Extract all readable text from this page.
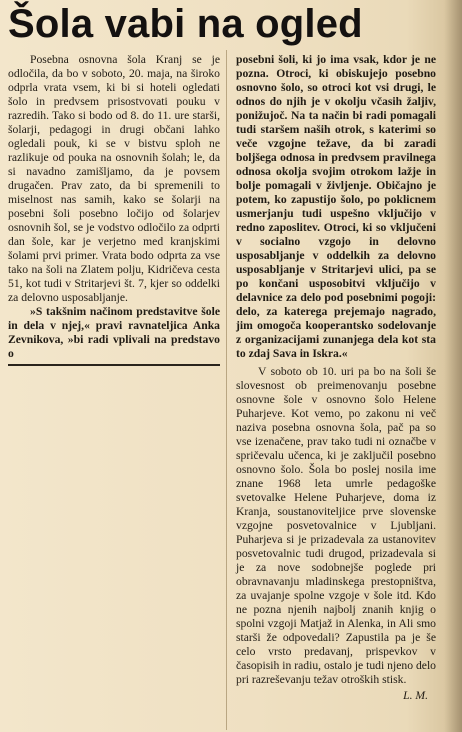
Šola vabi na ogled

Posebna osnovna šola Kranj se je odločila, da bo v soboto, 20. maja, na široko odprla vrata vsem, ki bi si hoteli ogledati šolo in predvsem prisostvovati pouku v razredih. Tako si bodo od 8. do 11. ure starši, šolarji, pedagogi in drugi občani lahko ogledali pouk, ki se v bistvu sploh ne razlikuje od pouka na osnovnih šolah; le, da si navadno zamišljamo, da je povsem drugačen. Prav zato, da bi spremenili to miselnost nas samih, kako se šolarji na posebni šoli posebno ločijo od šolarjev osnovnih šol, se je vodstvo odločilo za odprti dan šole, kar je verjetno med kranjskimi šolami prvi primer. Vrata bodo odprta za vse tako na šoli na Zlatem polju, Kidričeva cesta 51, kot tudi v Stritarjevi št. 7, kjer so oddelki za delovno usposabljanje.

»S takšnim načinom predstavitve šole in dela v njej,« pravi ravnateljica Anka Zevnikova, »bi radi vplivali na predstavo o

posebni šoli, ki jo ima vsak, kdor je ne pozna. Otroci, ki obiskujejo posebno osnovno šolo, so otroci kot vsi drugi, le odnos do njih je v okolju včasih žaljiv, ponižujoč. Na ta način bi radi pomagali tudi staršem naših otrok, s katerimi so veče vzgojne težave, da bi zaradi boljšega odnosa in predvsem pravilnega odnosa okolja svojim otrokom lažje in bolje pomagali v življenje. Običajno je potem, ko zapustijo šolo, po poklicnem usmerjanju tudi uspešno vključijo v redno zaposlitev. Otroci, ki so vključeni v socialno vzgojo in delovno usposabljanje v oddelkih za delovno usposabljanje v Stritarjevi ulici, pa se po končani usposobitvi vključijo v delavnice za delo pod posebnimi pogoji: delo, za katerega prejemajo nagrado, jim omogoča kooperantsko sodelovanje z organizacijami zunanjega dela kot sta to zdaj Sava in Iskra.«

V soboto ob 10. uri pa bo na šoli še slovesnost ob preimenovanju posebne osnovne šole v osnovno šolo Helene Puharjeve. Kot vemo, po zakonu ni več naziva posebna osnovna šola, pač pa so vse izenačene, prav tako tudi ni označbe v spričevalu učenca, ki je zaključil posebno osnovno šolo. Šola bo poslej nosila ime znane 1968 leta umrle pedagoške svetovalke Helene Puharjeve, doma iz Kranja, soustanoviteljice prve slovenske vzgojne posvetovalnice v Ljubljani. Puharjeva si je prizadevala za ustanovitev posvetovalnic tudi drugod, prizadevala si je za nove sodobnejše poglede pri obravnavanju mladinskega prestopništva, za uvajanje spolne vzgoje v šole itd. Kdo ne pozna njenih najbolj znanih knjig o spolni vzgoji Matjaž in Alenka, in Ali smo starši že odpovedali? Zapustila pa je še celo vrsto predavanj, prispevkov v časopisih in radiu, ostalo je tudi njeno delo pri razreševanju težav otroških stisk.

L. M.
